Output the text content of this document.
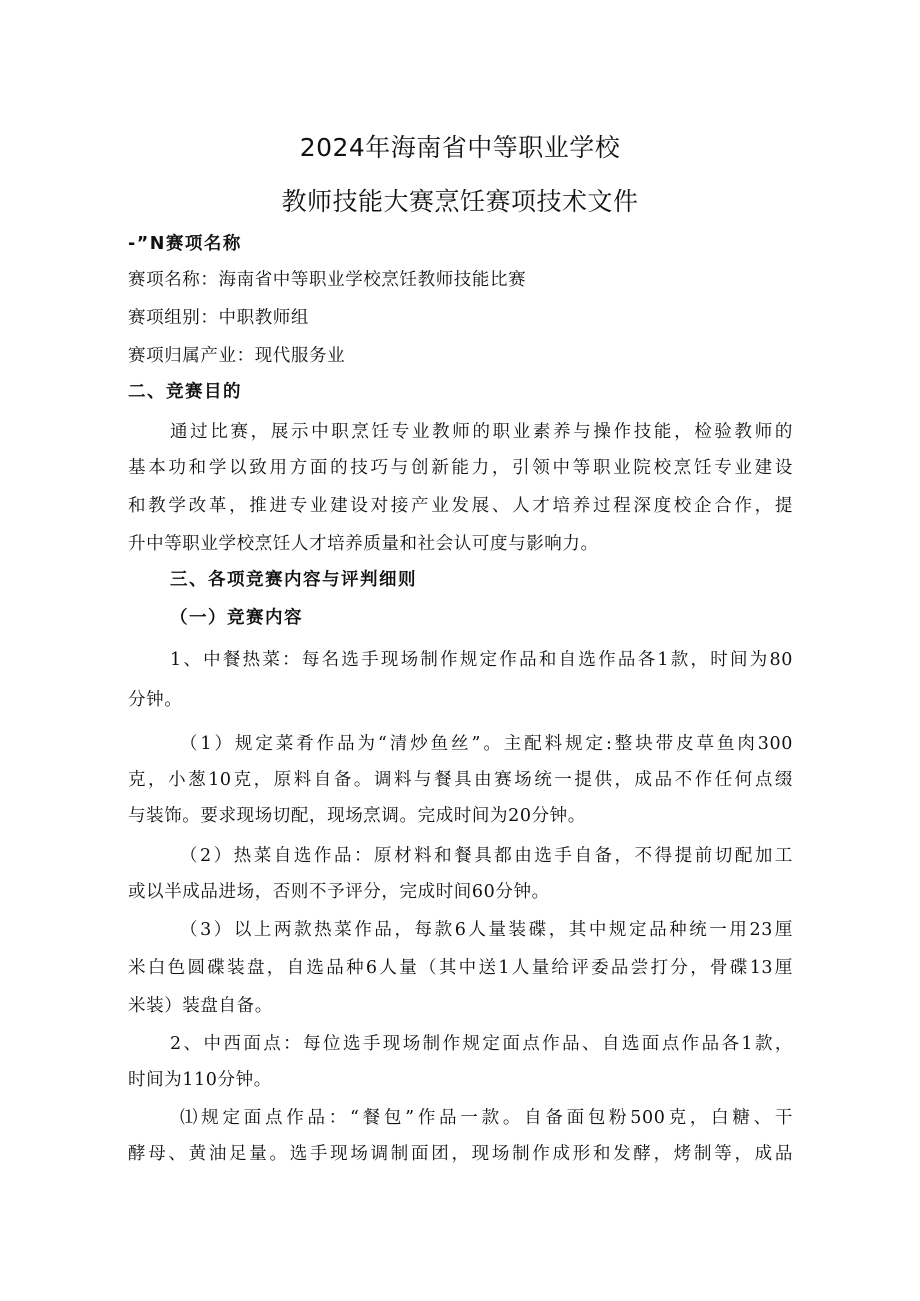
2024年海南省中等职业学校
教师技能大赛烹饪赛项技术文件

-”N赛项名称

赛项名称：海南省中等职业学校烹饪教师技能比赛

赛项组别：中职教师组

赛项归属产业：现代服务业

二、竞赛目的

通过比赛，展示中职烹饪专业教师的职业素养与操作技能，检验教师的

基本功和学以致用方面的技巧与创新能力，引领中等职业院校烹饪专业建设

和教学改革，推进专业建设对接产业发展、人才培养过程深度校企合作，提

升中等职业学校烹饪人才培养质量和社会认可度与影响力。

三、各项竞赛内容与评判细则

（一）竞赛内容

1、中餐热菜：每名选手现场制作规定作品和自选作品各1款，时间为80

分钟。

（1）规定菜肴作品为“清炒鱼丝”。主配料规定:整块带皮草鱼肉300

克，小葱10克，原料自备。调料与餐具由赛场统一提供，成品不作任何点缀

与装饰。要求现场切配，现场烹调。完成时间为20分钟。

（2）热菜自选作品：原材料和餐具都由选手自备，不得提前切配加工

或以半成品进场，否则不予评分，完成时间60分钟。

（3）以上两款热菜作品，每款6人量装碟，其中规定品种统一用23厘

米白色圆碟装盘，自选品种6人量（其中送1人量给评委品尝打分，骨碟13厘

米装）装盘自备。

2、中西面点：每位选手现场制作规定面点作品、自选面点作品各1款，

时间为110分钟。

⑴规定面点作品：“餐包”作品一款。自备面包粉500克，白糖、干

酵母、黄油足量。选手现场调制面团，现场制作成形和发酵，烤制等，成品
